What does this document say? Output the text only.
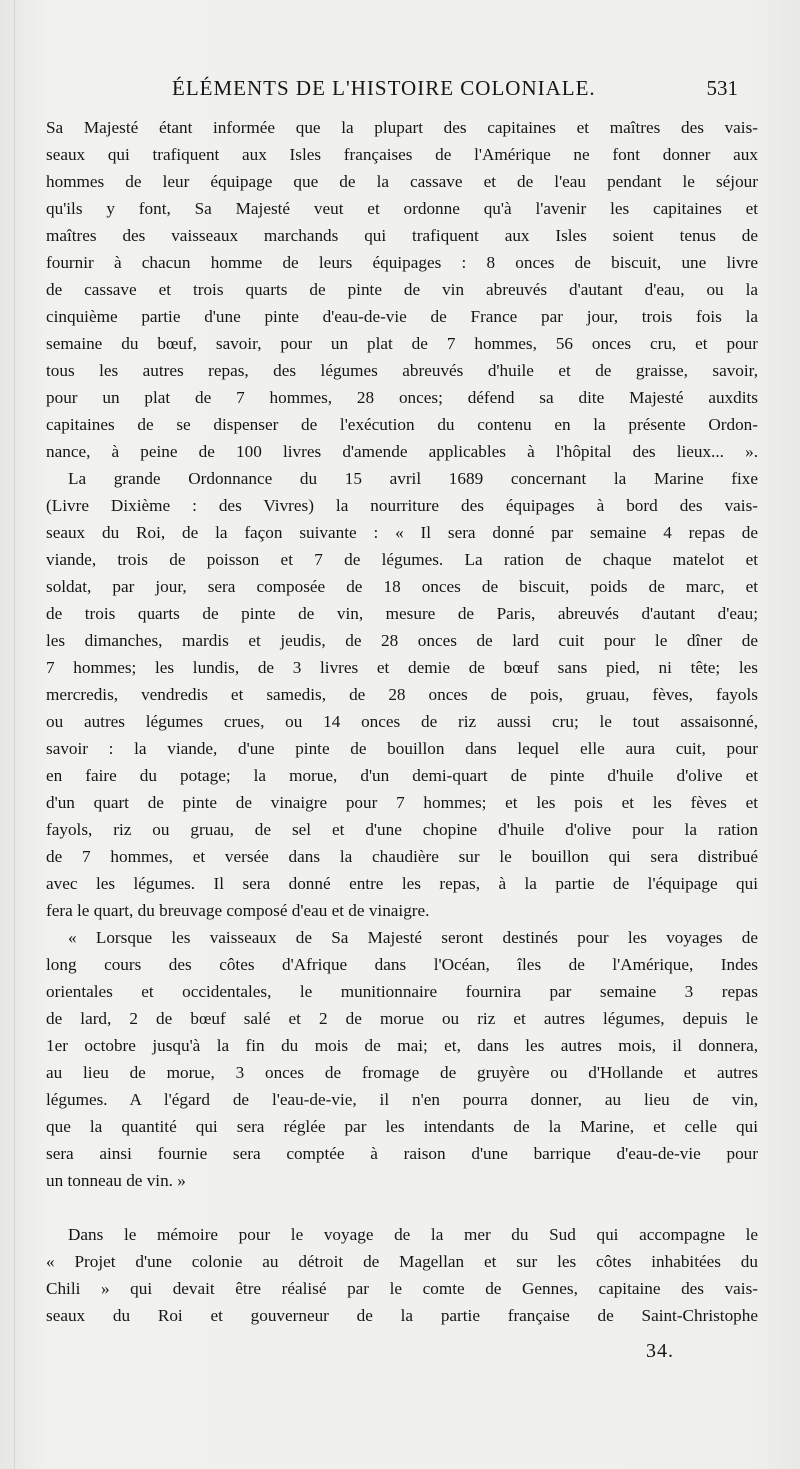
ÉLÉMENTS DE L'HISTOIRE COLONIALE.	531
Sa Majesté étant informée que la plupart des capitaines et maîtres des vais-
seaux qui trafiquent aux Isles françaises de l'Amérique ne font donner aux
hommes de leur équipage que de la cassave et de l'eau pendant le séjour
qu'ils y font, Sa Majesté veut et ordonne qu'à l'avenir les capitaines et
maîtres des vaisseaux marchands qui trafiquent aux Isles soient tenus de
fournir à chacun homme de leurs équipages : 8 onces de biscuit, une livre
de cassave et trois quarts de pinte de vin abreuvés d'autant d'eau, ou la
cinquième partie d'une pinte d'eau-de-vie de France par jour, trois fois la
semaine du bœuf, savoir, pour un plat de 7 hommes, 56 onces cru, et pour
tous les autres repas, des légumes abreuvés d'huile et de graisse, savoir,
pour un plat de 7 hommes, 28 onces; défend sa dite Majesté auxdits
capitaines de se dispenser de l'exécution du contenu en la présente Ordon-
nance, à peine de 100 livres d'amende applicables à l'hôpital des lieux... ».
La grande Ordonnance du 15 avril 1689 concernant la Marine fixe
(Livre Dixième : des Vivres) la nourriture des équipages à bord des vais-
seaux du Roi, de la façon suivante : « Il sera donné par semaine 4 repas de
viande, trois de poisson et 7 de légumes. La ration de chaque matelot et
soldat, par jour, sera composée de 18 onces de biscuit, poids de marc, et
de trois quarts de pinte de vin, mesure de Paris, abreuvés d'autant d'eau;
les dimanches, mardis et jeudis, de 28 onces de lard cuit pour le dîner de
7 hommes; les lundis, de 3 livres et demie de bœuf sans pied, ni tête; les
mercredis, vendredis et samedis, de 28 onces de pois, gruau, fèves, fayols
ou autres légumes crues, ou 14 onces de riz aussi cru; le tout assaisonné,
savoir : la viande, d'une pinte de bouillon dans lequel elle aura cuit, pour
en faire du potage; la morue, d'un demi-quart de pinte d'huile d'olive et
d'un quart de pinte de vinaigre pour 7 hommes; et les pois et les fèves et
fayols, riz ou gruau, de sel et d'une chopine d'huile d'olive pour la ration
de 7 hommes, et versée dans la chaudière sur le bouillon qui sera distribué
avec les légumes. Il sera donné entre les repas, à la partie de l'équipage qui
fera le quart, du breuvage composé d'eau et de vinaigre.
« Lorsque les vaisseaux de Sa Majesté seront destinés pour les voyages de
long cours des côtes d'Afrique dans l'Océan, îles de l'Amérique, Indes
orientales et occidentales, le munitionnaire fournira par semaine 3 repas
de lard, 2 de bœuf salé et 2 de morue ou riz et autres légumes, depuis le
1er octobre jusqu'à la fin du mois de mai; et, dans les autres mois, il donnera,
au lieu de morue, 3 onces de fromage de gruyère ou d'Hollande et autres
légumes. A l'égard de l'eau-de-vie, il n'en pourra donner, au lieu de vin,
que la quantité qui sera réglée par les intendants de la Marine, et celle qui
sera ainsi fournie sera comptée à raison d'une barrique d'eau-de-vie pour
un tonneau de vin. »
Dans le mémoire pour le voyage de la mer du Sud qui accompagne le
« Projet d'une colonie au détroit de Magellan et sur les côtes inhabitées du
Chili » qui devait être réalisé par le comte de Gennes, capitaine des vais-
seaux du Roi et gouverneur de la partie française de Saint-Christophe
34.
